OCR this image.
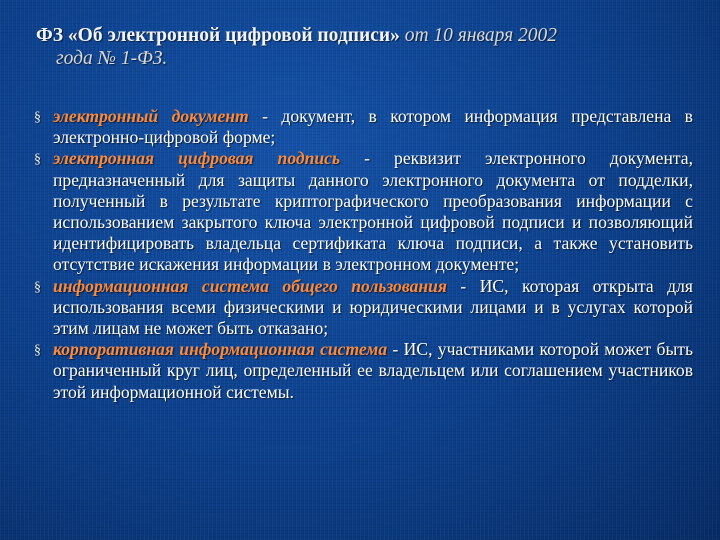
ФЗ «Об электронной цифровой подписи» от 10 января 2002
года № 1-ФЗ.
§ электронный документ - документ, в котором информация представлена в электронно-цифровой форме;
§ электронная цифровая подпись - реквизит электронного документа, предназначенный для защиты данного электронного документа от подделки, полученный в результате криптографического преобразования информации с использованием закрытого ключа электронной цифровой подписи и позволяющий идентифицировать владельца сертификата ключа подписи, а также установить отсутствие искажения информации в электронном документе;
§ информационная система общего пользования - ИС, которая открыта для использования всеми физическими и юридическими лицами и в услугах которой этим лицам не может быть отказано;
§ корпоративная информационная система - ИС, участниками которой может быть ограниченный круг лиц, определенный ее владельцем или соглашением участников этой информационной системы.
